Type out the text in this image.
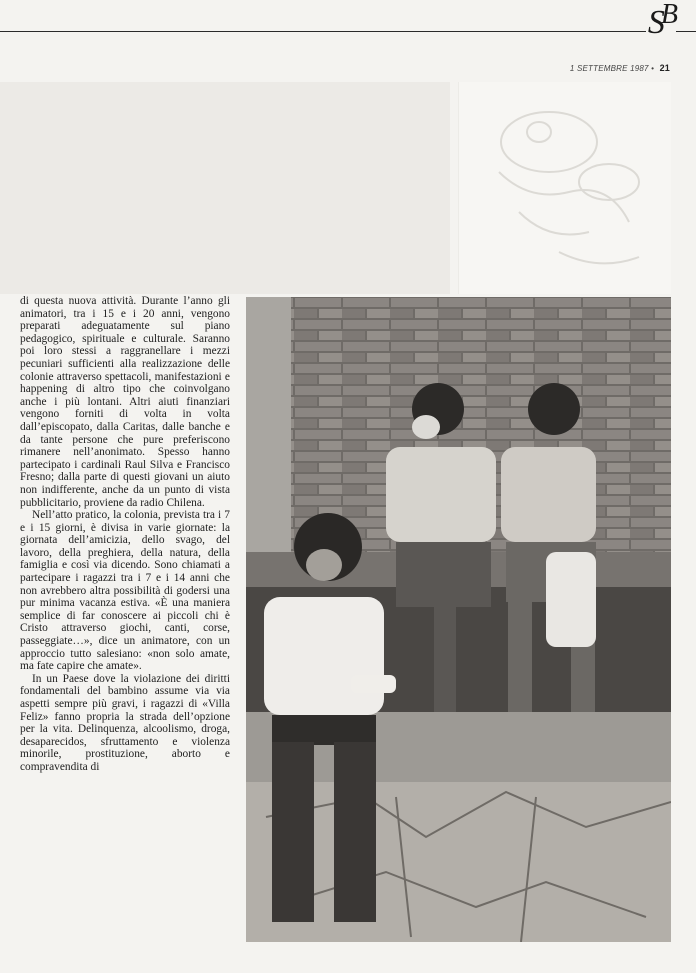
$S^B$
1 SETTEMBRE 1987 • 21

di questa nuova attività. Durante l’anno gli animatori, tra i 15 e i 20 anni, vengono preparati adeguatamente sul piano pedagogico, spirituale e culturale. Saranno poi loro stessi a raggranellare i mezzi pecuniari sufficienti alla realizzazione delle colonie attraverso spettacoli, manifestazioni e happening di altro tipo che coinvolgano anche i più lontani. Altri aiuti finanziari vengono forniti di volta in volta dall’episcopato, dalla Caritas, dalle banche e da tante persone che pure preferiscono rimanere nell’anonimato. Spesso hanno partecipato i cardinali Raul Silva e Francisco Fresno; dalla parte di questi giovani un aiuto non indifferente, anche da un punto di vista pubblicitario, proviene da radio Chilena.

Nell’atto pratico, la colonia, prevista tra i 7 e i 15 giorni, è divisa in varie giornate: la giornata dell’amicizia, dello svago, del lavoro, della preghiera, della natura, della famiglia e così via dicendo. Sono chiamati a partecipare i ragazzi tra i 7 e i 14 anni che non avrebbero altra possibilità di godersi una pur minima vacanza estiva. «È una maniera semplice di far conoscere ai piccoli chi è Cristo attraverso giochi, canti, corse, passeggiate…», dice un animatore, con un approccio tutto salesiano: «non solo amate, ma fate capire che amate».

In un Paese dove la violazione dei diritti fondamentali del bambino assume via via aspetti sempre più gravi, i ragazzi di «Villa Feliz» fanno propria la strada dell’opzione per la vita. Delinquenza, alcoolismo, droga, desaparecidos, sfruttamento e violenza minorile, prostituzione, aborto e compravendita di
